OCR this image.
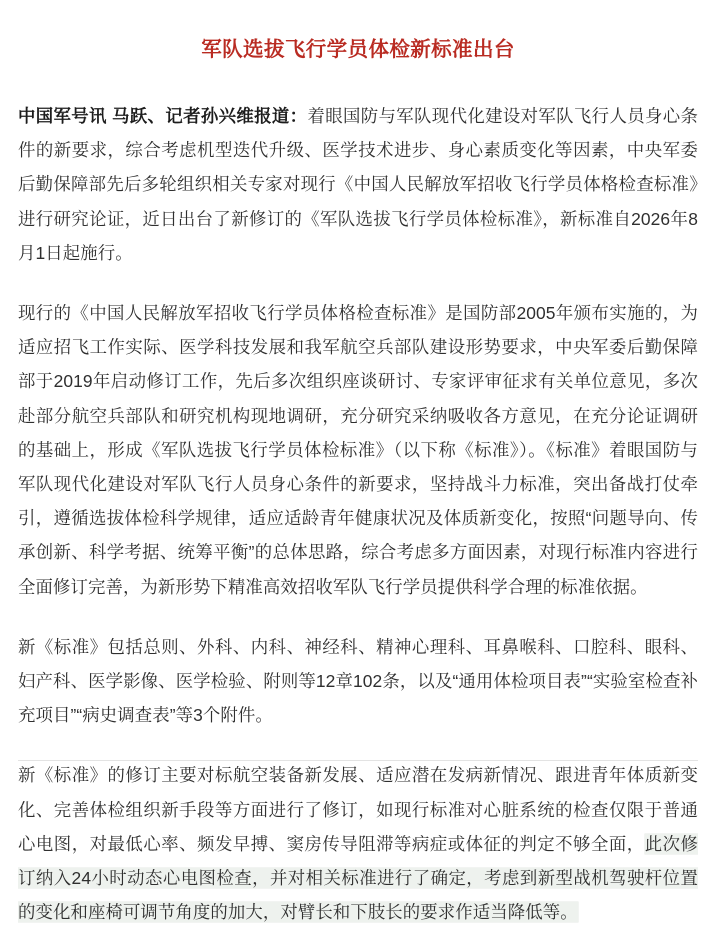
军队选拔飞行学员体检新标准出台

中国军号讯 马跃、记者孙兴维报道：着眼国防与军队现代化建设对军队飞行人员身心条件的新要求，综合考虑机型迭代升级、医学技术进步、身心素质变化等因素，中央军委后勤保障部先后多轮组织相关专家对现行《中国人民解放军招收飞行学员体格检查标准》进行研究论证，近日出台了新修订的《军队选拔飞行学员体检标准》，新标准自2026年8月1日起施行。

现行的《中国人民解放军招收飞行学员体格检查标准》是国防部2005年颁布实施的，为适应招飞工作实际、医学科技发展和我军航空兵部队建设形势要求，中央军委后勤保障部于2019年启动修订工作，先后多次组织座谈研讨、专家评审征求有关单位意见，多次赴部分航空兵部队和研究机构现地调研，充分研究采纳吸收各方意见，在充分论证调研的基础上，形成《军队选拔飞行学员体检标准》（以下称《标准》）。《标准》着眼国防与军队现代化建设对军队飞行人员身心条件的新要求，坚持战斗力标准，突出备战打仗牵引，遵循选拔体检科学规律，适应适龄青年健康状况及体质新变化，按照“问题导向、传承创新、科学考据、统筹平衡”的总体思路，综合考虑多方面因素，对现行标准内容进行全面修订完善，为新形势下精准高效招收军队飞行学员提供科学合理的标准依据。

新《标准》包括总则、外科、内科、神经科、精神心理科、耳鼻喉科、口腔科、眼科、妇产科、医学影像、医学检验、附则等12章102条，以及“通用体检项目表”“实验室检查补充项目”“病史调查表”等3个附件。

新《标准》的修订主要对标航空装备新发展、适应潜在发病新情况、跟进青年体质新变化、完善体检组织新手段等方面进行了修订，如现行标准对心脏系统的检查仅限于普通心电图，对最低心率、频发早搏、窦房传导阻滞等病症或体征的判定不够全面，此次修订纳入24小时动态心电图检查，并对相关标准进行了确定，考虑到新型战机驾驶杆位置的变化和座椅可调节角度的加大，对臂长和下肢长的要求作适当降低等。
